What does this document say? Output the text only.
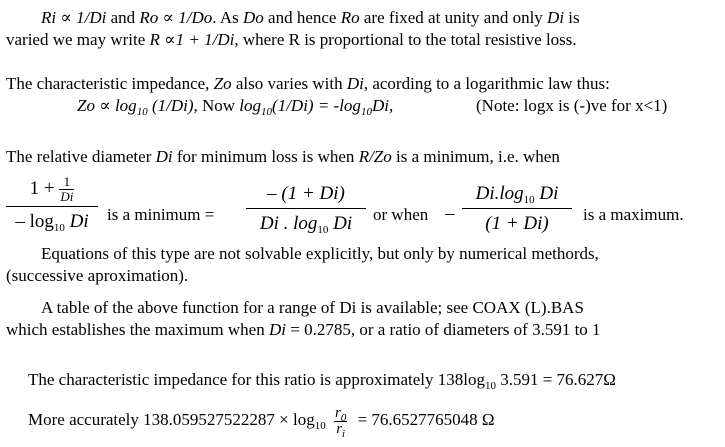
Ri ∝ 1/Di and Ro ∝ 1/Do. As Do and hence Ro are fixed at unity and only Di is
varied we may write R ∝1 + 1/Di, where R is proportional to the total resistive loss.
The characteristic impedance, Zo also varies with Di, acording to a logarithmic law thus:
$Zo \propto \log_{10} (1/Di)$, Now $\log_{10}(1/Di) = -\log_{10}Di$,	(Note: logx is (-)ve for x<1)
The relative diameter Di for minimum loss is when R/Zo is a minimum, i.e. when
$\frac{1 + \frac{1}{Di}}{- \log_{10} Di}$ is a minimum = $\frac{- (1 + Di)}{Di . \log_{10} Di}$ or when – $\frac{Di.\log_{10} Di}{(1 + Di)}$ is a maximum.
Equations of this type are not solvable explicitly, but only by numerical methords,
(successive aproximation).
A table of the above function for a range of Di is available; see COAX (L).BAS
which establishes the maximum when Di = 0.2785, or a ratio of diameters of 3.591 to 1
The characteristic impedance for this ratio is approximately $138\log_{10}$ 3.591 = 76.627Ω
More accurately $138.059527522287 \times \log_{10} \frac{r_0}{r_i} = 76.6527765048$ Ω
